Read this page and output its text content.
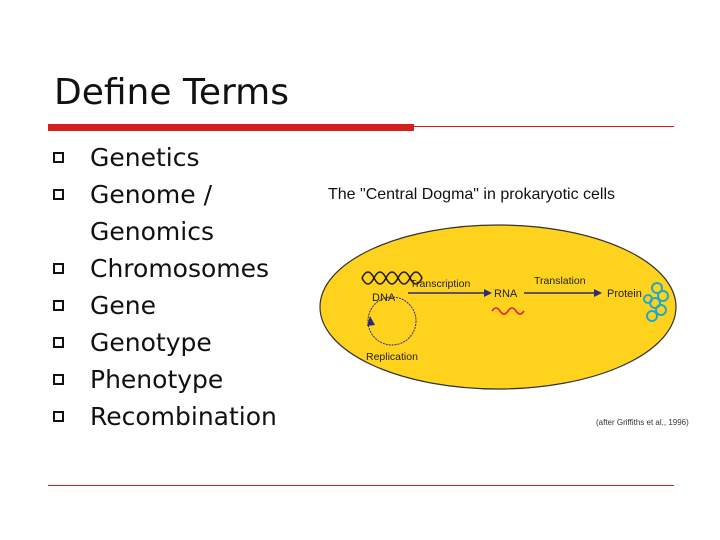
Define Terms
Genetics
Genome /
Genomics
Chromosomes
Gene
Genotype
Phenotype
Recombination
The "Central Dogma" in prokaryotic cells
DNA
Replication
Transcription
RNA
Translation
Protein
(after Griffiths et al., 1996)
